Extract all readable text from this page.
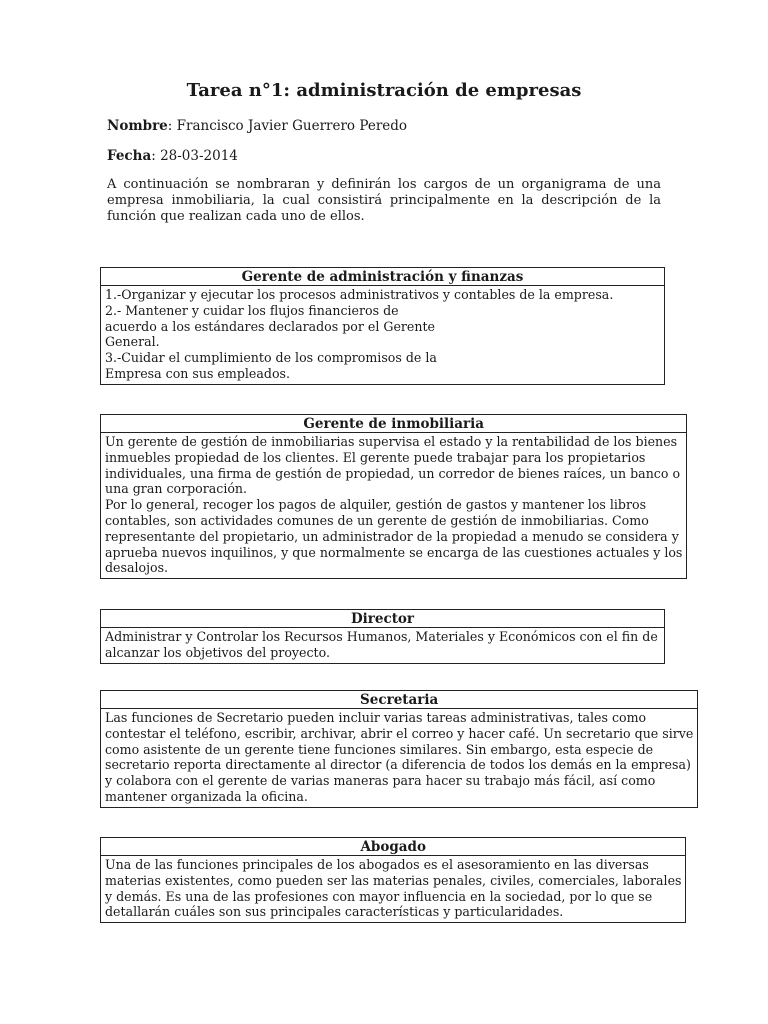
Tarea n°1: administración de empresas

Nombre: Francisco Javier Guerrero Peredo

Fecha: 28-03-2014

A continuación se nombraran y definirán los cargos de un organigrama de una empresa inmobiliaria, la cual consistirá principalmente en la descripción de la función que realizan cada uno de ellos.

Gerente de administración y finanzas

1.-Organizar y ejecutar los procesos administrativos y contables de la empresa.
2.- Mantener y cuidar los flujos financieros de
acuerdo a los estándares declarados por el Gerente
General.
3.-Cuidar el cumplimiento de los compromisos de la
Empresa con sus empleados.
Gerente de inmobiliaria

Un gerente de gestión de inmobiliarias supervisa el estado y la rentabilidad de los bienes
inmuebles propiedad de los clientes. El gerente puede trabajar para los propietarios
individuales, una firma de gestión de propiedad, un corredor de bienes raíces, un banco o
una gran corporación.
Por lo general, recoger los pagos de alquiler, gestión de gastos y mantener los libros
contables, son actividades comunes de un gerente de gestión de inmobiliarias. Como
representante del propietario, un administrador de la propiedad a menudo se considera y
aprueba nuevos inquilinos, y que normalmente se encarga de las cuestiones actuales y los
desalojos.
Director

Administrar y Controlar los Recursos Humanos, Materiales y Económicos con el fin de
alcanzar los objetivos del proyecto.
Secretaria

Las funciones de Secretario pueden incluir varias tareas administrativas, tales como
contestar el teléfono, escribir, archivar, abrir el correo y hacer café. Un secretario que sirve
como asistente de un gerente tiene funciones similares. Sin embargo, esta especie de
secretario reporta directamente al director (a diferencia de todos los demás en la empresa)
y colabora con el gerente de varias maneras para hacer su trabajo más fácil, así como
mantener organizada la oficina.
Abogado

Una de las funciones principales de los abogados es el asesoramiento en las diversas
materias existentes, como pueden ser las materias penales, civiles, comerciales, laborales
y demás. Es una de las profesiones con mayor influencia en la sociedad, por lo que se
detallarán cuáles son sus principales características y particularidades.
